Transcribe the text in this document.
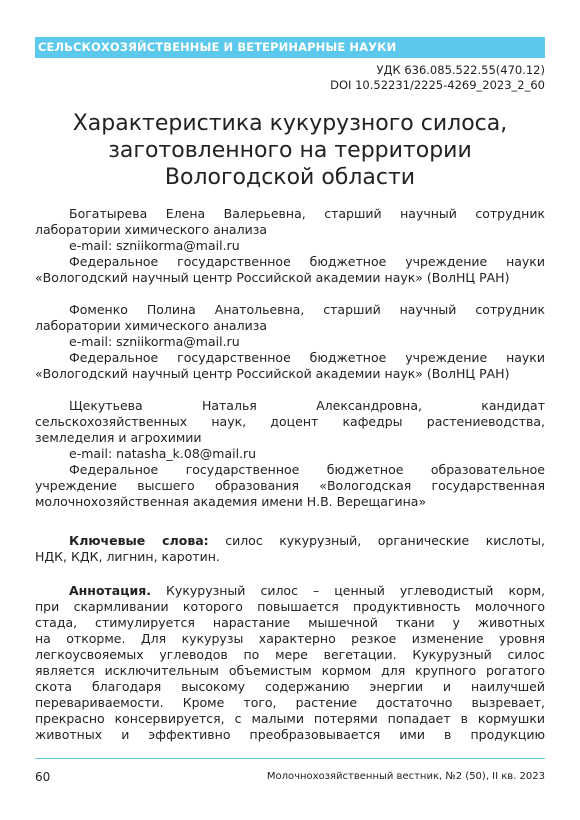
СЕЛЬСКОХОЗЯЙСТВЕННЫЕ И ВЕТЕРИНАРНЫЕ НАУКИ
УДК 636.085.522.55(470.12)
DOI 10.52231/2225-4269_2023_2_60
Характеристика кукурузного силоса,
заготовленного на территории
Вологодской области

Богатырева Елена Валерьевна, старший научный сотрудник

лаборатории химического анализа

e-mail: szniikorma@mail.ru

Федеральное государственное бюджетное учреждение науки

«Вологодский научный центр Российской академии наук» (ВолНЦ РАН)

Фоменко Полина Анатольевна, старший научный сотрудник

лаборатории химического анализа

e-mail: szniikorma@mail.ru

Федеральное государственное бюджетное учреждение науки

«Вологодский научный центр Российской академии наук» (ВолНЦ РАН)

Щекутьева Наталья Александровна, кандидат

сельскохозяйственных наук, доцент кафедры растениеводства,

земледелия и агрохимии

e-mail: natasha_k.08@mail.ru

Федеральное государственное бюджетное образовательное

учреждение высшего образования «Вологодская государственная

молочнохозяйственная академия имени Н.В. Верещагина»

Ключевые слова: силос кукурузный, органические кислоты,

НДК, КДК, лигнин, каротин.

Аннотация. Кукурузный силос – ценный углеводистый корм,

при скармливании которого повышается продуктивность молочного

стада, стимулируется нарастание мышечной ткани у животных

на откорме. Для кукурузы характерно резкое изменение уровня

легкоусвояемых углеводов по мере вегетации. Кукурузный силос

является исключительным объемистым кормом для крупного рогатого

скота благодаря высокому содержанию энергии и наилучшей

перевариваемости. Кроме того, растение достаточно вызревает,

прекрасно консервируется, с малыми потерями попадает в кормушки

животных и эффективно преобразовывается ими в продукцию

60	Молочнохозяйственный вестник, №2 (50), II кв. 2023
